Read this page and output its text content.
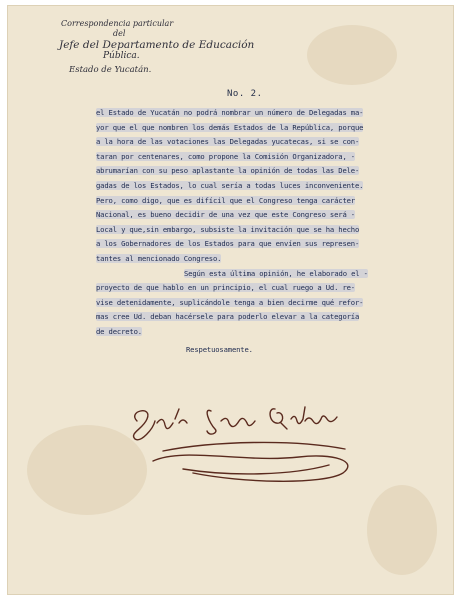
Correspondencia particular
del
Jefe del Departamento de Educación
Pública.
Estado de Yucatán.
No. 2.
el Estado de Yucatán no podrá nombrar un número de Delegadas ma-
yor que el que nombren los demás Estados de la República, porque
a la hora de las votaciones las Delegadas yucatecas, si se con-
taran por centenares, como propone la Comisión Organizadora, -
abrumarían con su peso aplastante la opinión de todas las Dele-
gadas de los Estados, lo cual sería a todas luces inconveniente.
Pero, como digo, que es difícil que el Congreso tenga carácter
Nacional, es bueno decidir de una vez que este Congreso será -
Local y que,sin embargo, subsiste la invitación que se ha hecho
a los Gobernadores de los Estados para que envíen sus represen-
tantes al mencionado Congreso.
Según esta última opinión, he elaborado el -
proyecto de que hablo en un principio, el cual ruego a Ud. re-
vise detenidamente, suplicándole tenga a bien decirme qué refor-
mas cree Ud. deban hacérsele para poderlo elevar a la categoría
de decreto.
Respetuosamente.
